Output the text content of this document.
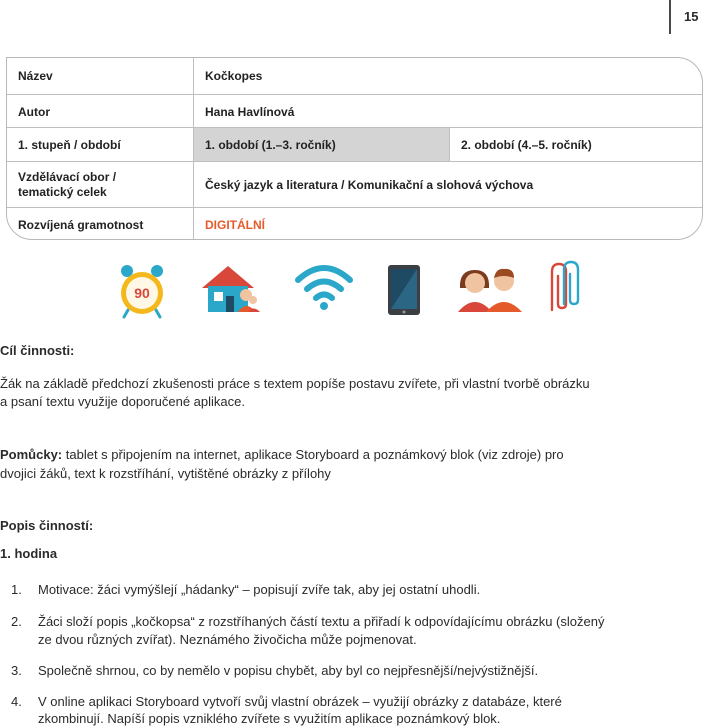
15
Název	Kočkopes
Autor	Hana Havlínová
1. stupeň / období	1. období (1.–3. ročník)	2. období (4.–5. ročník)
Vzdělávací obor /
tematický celek	Český jazyk a literatura / Komunikační a slohová výchova
Rozvíjená gramotnost	DIGITÁLNÍ
90
Cíl činnosti:
Žák na základě předchozí zkušenosti práce s textem popíše postavu zvířete, při vlastní tvorbě obrázku
a psaní textu využije doporučené aplikace.
Pomůcky: tablet s připojením na internet, aplikace Storyboard a poznámkový blok (viz zdroje) pro
dvojici žáků, text k rozstříhání, vytištěné obrázky z přílohy
Popis činností:
1. hodina
1. Motivace: žáci vymýšlejí „hádanky“ – popisují zvíře tak, aby jej ostatní uhodli.
2. Žáci složí popis „kočkopsa“ z rozstříhaných částí textu a přiřadí k odpovídajícímu obrázku (složený
ze dvou různých zvířat). Neznámého živočicha může pojmenovat.
3. Společně shrnou, co by nemělo v popisu chybět, aby byl co nejpřesnější/nejvýstižnější.
4. V online aplikaci Storyboard vytvoří svůj vlastní obrázek – využijí obrázky z databáze, které
zkombinují. Napíší popis vzniklého zvířete s využitím aplikace poznámkový blok.
